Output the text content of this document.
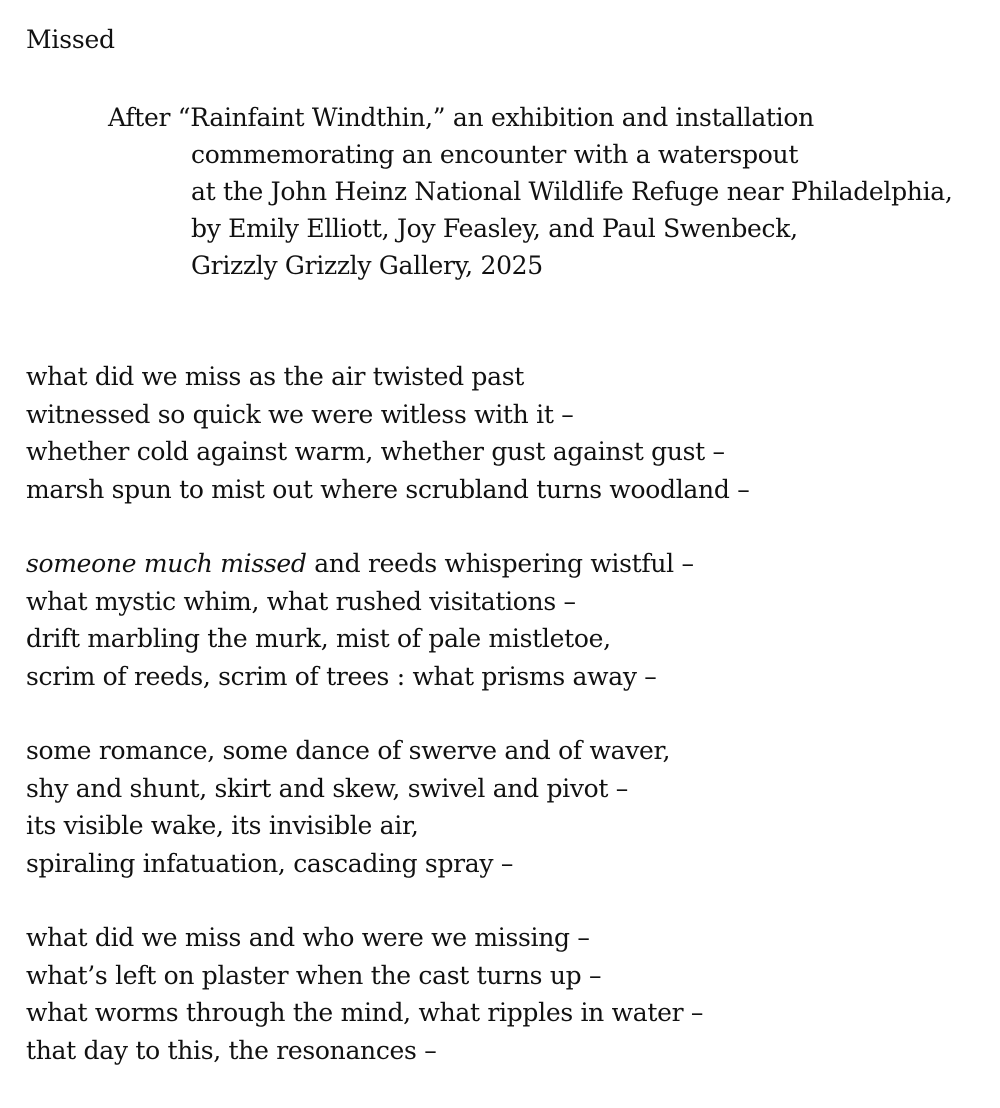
Missed
After “Rainfaint Windthin,” an exhibition and installation
commemorating an encounter with a waterspout
at the John Heinz National Wildlife Refuge near Philadelphia,
by Emily Elliott, Joy Feasley, and Paul Swenbeck,
Grizzly Grizzly Gallery, 2025
what did we miss as the air twisted past
witnessed so quick we were witless with it –
whether cold against warm, whether gust against gust –
marsh spun to mist out where scrubland turns woodland –
someone much missed and reeds whispering wistful –
what mystic whim, what rushed visitations –
drift marbling the murk, mist of pale mistletoe,
scrim of reeds, scrim of trees : what prisms away –
some romance, some dance of swerve and of waver,
shy and shunt, skirt and skew, swivel and pivot –
its visible wake, its invisible air,
spiraling infatuation, cascading spray –
what did we miss and who were we missing –
what’s left on plaster when the cast turns up –
what worms through the mind, what ripples in water –
that day to this, the resonances –
